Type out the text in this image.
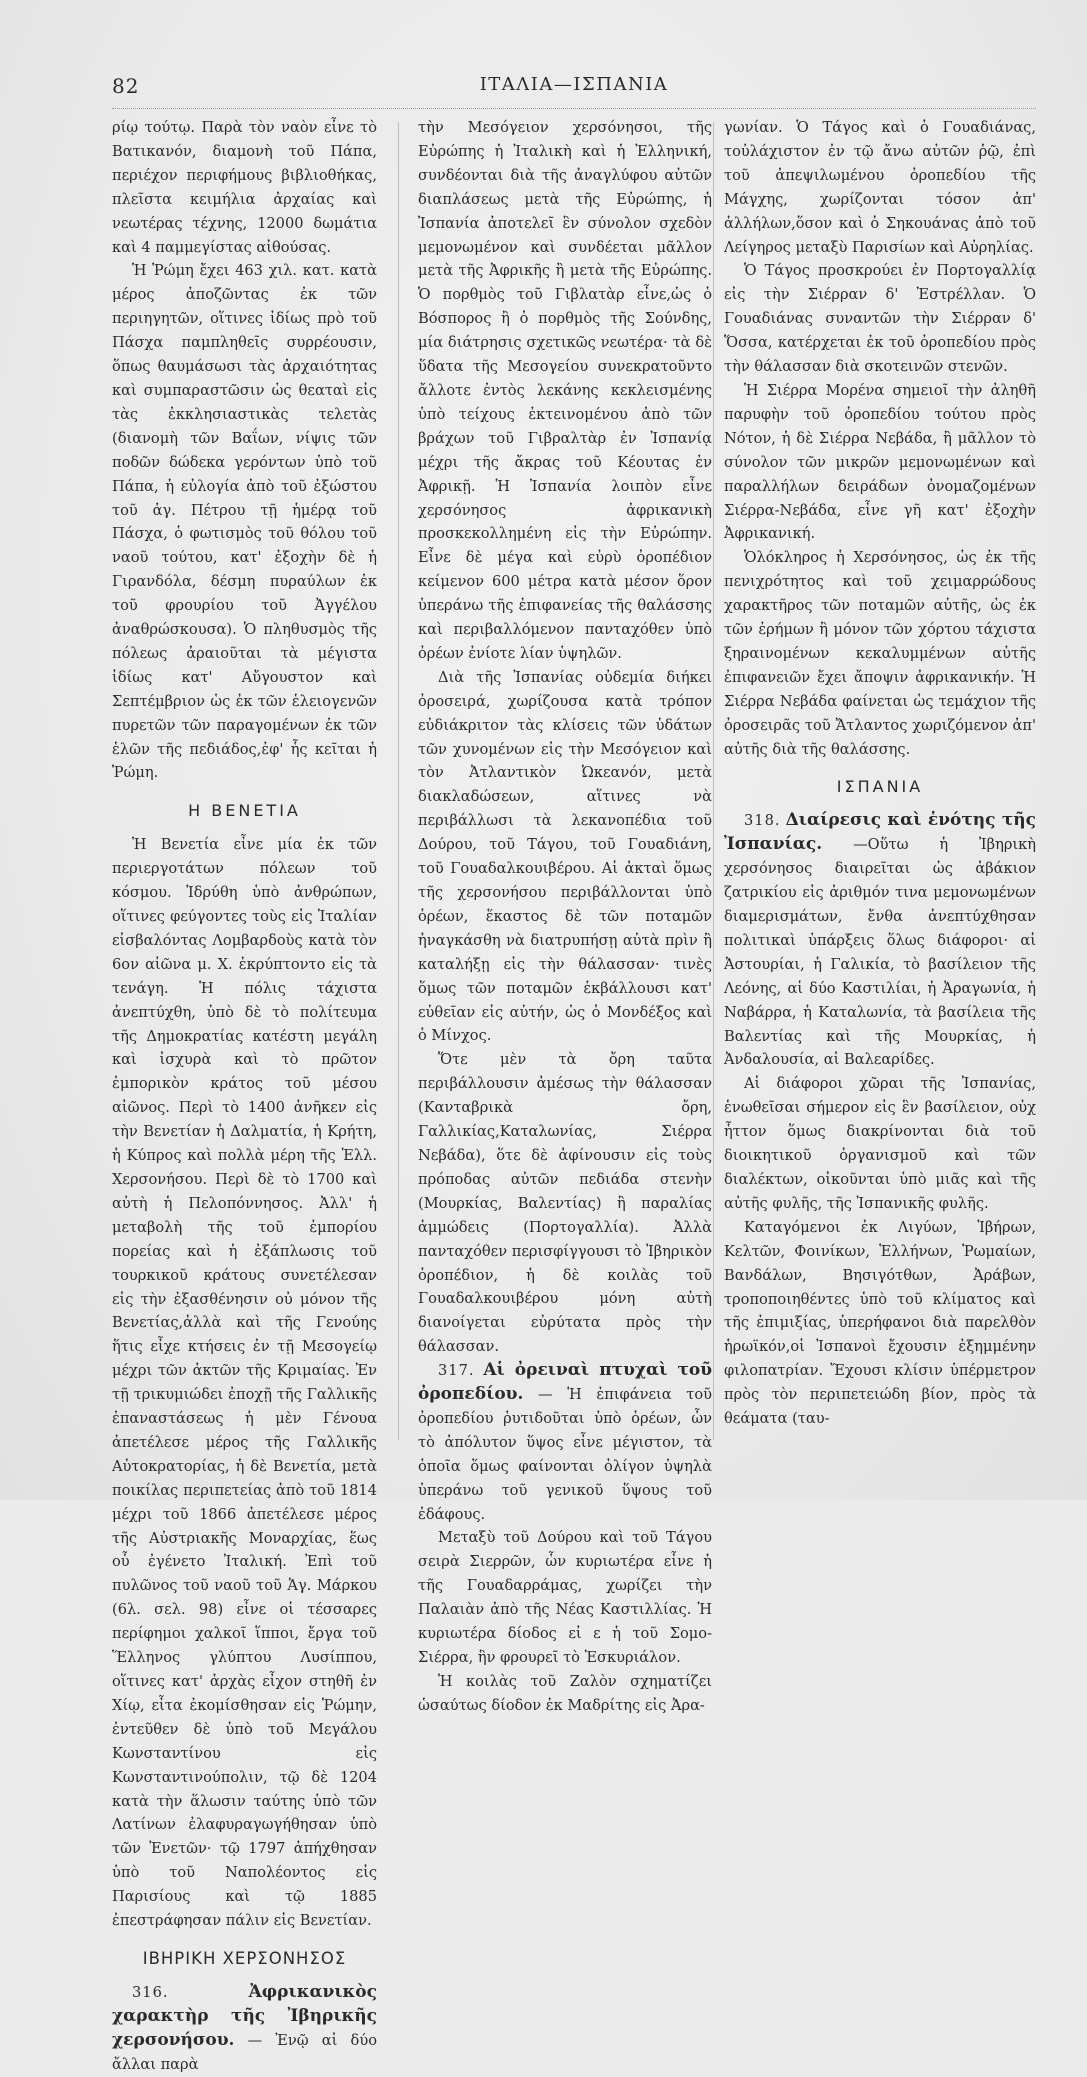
82	ΙΤΑΛΙΑ—ΙΣΠΑΝΙΑ

ρίῳ τούτῳ. Παρὰ τὸν ναὸν εἶνε τὸ Βατικανόν, διαμονὴ τοῦ Πάπα, περιέχον περιφήμους βιβλιοθήκας, πλεῖστα κειμήλια ἀρχαίας καὶ νεωτέρας τέχνης, 12000 δωμάτια καὶ 4 παμμεγίστας αἰθούσας.

Ἡ Ῥώμη ἔχει 463 χιλ. κατ. κατὰ μέρος ἀποζῶντας ἐκ τῶν περιηγητῶν, οἵτινες ἰδίως πρὸ τοῦ Πάσχα παμπληθεῖς συρρέουσιν, ὅπως θαυμάσωσι τὰς ἀρχαιότητας καὶ συμπαραστῶσιν ὡς θεαταὶ εἰς τὰς ἐκκλησιαστικὰς τελετὰς (διανομὴ τῶν Βαΐων, νίψις τῶν ποδῶν δώδεκα γερόντων ὑπὸ τοῦ Πάπα, ἡ εὐλογία ἀπὸ τοῦ ἐξώστου τοῦ ἁγ. Πέτρου τῇ ἡμέρᾳ τοῦ Πάσχα, ὁ φωτισμὸς τοῦ θόλου τοῦ ναοῦ τούτου, κατ' ἐξοχὴν δὲ ἡ Γιρανδόλα, δέσμη πυραύλων ἐκ τοῦ φρουρίου τοῦ Ἀγγέλου ἀναθρώσκουσα). Ὁ πληθυσμὸς τῆς πόλεως ἀραιοῦται τὰ μέγιστα ἰδίως κατ' Αὔγουστον καὶ Σεπτέμβριον ὡς ἐκ τῶν ἑλειογενῶν πυρετῶν τῶν παραγομένων ἐκ τῶν ἑλῶν τῆς πεδιάδος,ἐφ' ἧς κεῖται ἡ Ῥώμη.

Η ΒΕΝΕΤΙΑ

Ἡ Βενετία εἶνε μία ἐκ τῶν περιεργοτάτων πόλεων τοῦ κόσμου. Ἱδρύθη ὑπὸ ἀνθρώπων, οἵτινες φεύγοντες τοὺς εἰς Ἰταλίαν εἰσβαλόντας Λομβαρδοὺς κατὰ τὸν 6ον αἰῶνα μ. Χ. ἐκρύπτοντο εἰς τὰ τενάγη. Ἡ πόλις τάχιστα ἀνεπτύχθη, ὑπὸ δὲ τὸ πολίτευμα τῆς Δημοκρατίας κατέστη μεγάλη καὶ ἰσχυρὰ καὶ τὸ πρῶτον ἐμπορικὸν κράτος τοῦ μέσου αἰῶνος. Περὶ τὸ 1400 ἀνῆκεν εἰς τὴν Βενετίαν ἡ Δαλματία, ἡ Κρήτη, ἡ Κύπρος καὶ πολλὰ μέρη τῆς Ἑλλ. Χερσονήσου. Περὶ δὲ τὸ 1700 καὶ αὐτὴ ἡ Πελοπόννησος. Ἀλλ' ἡ μεταβολὴ τῆς τοῦ ἐμπορίου πορείας καὶ ἡ ἐξάπλωσις τοῦ τουρκικοῦ κράτους συνετέλεσαν εἰς τὴν ἐξασθένησιν οὐ μόνον τῆς Βενετίας,ἀλλὰ καὶ τῆς Γενούης ἥτις εἶχε κτήσεις ἐν τῇ Μεσογείῳ μέχρι τῶν ἀκτῶν τῆς Κριμαίας. Ἐν τῇ τρικυμιώδει ἐποχῇ τῆς Γαλλικῆς ἐπαναστάσεως ἡ μὲν Γένουα ἀπετέλεσε μέρος τῆς Γαλλικῆς Αὐτοκρατορίας, ἡ δὲ Βενετία, μετὰ ποικίλας περιπετείας ἀπὸ τοῦ 1814 μέχρι τοῦ 1866 ἀπετέλεσε μέρος τῆς Αὐστριακῆς Μοναρχίας, ἕως οὗ ἐγένετο Ἰταλική. Ἐπὶ τοῦ πυλῶνος τοῦ ναοῦ τοῦ Ἁγ. Μάρκου (6λ. σελ. 98) εἶνε οἱ τέσσαρες περίφημοι χαλκοῖ ἵπποι, ἔργα τοῦ Ἕλληνος γλύπτου Λυσίππου, οἵτινες κατ' ἀρχὰς εἶχον στηθῆ ἐν Χίῳ, εἶτα ἐκομίσθησαν εἰς Ῥώμην, ἐντεῦθεν δὲ ὑπὸ τοῦ Μεγάλου Κωνσταντίνου εἰς Κωνσταντινούπολιν, τῷ δὲ 1204 κατὰ τὴν ἅλωσιν ταύτης ὑπὸ τῶν Λατίνων ἐλαφυραγωγήθησαν ὑπὸ τῶν Ἐνετῶν· τῷ 1797 ἀπήχθησαν ὑπὸ τοῦ Ναπολέοντος εἰς Παρισίους καὶ τῷ 1885 ἐπεστράφησαν πάλιν εἰς Βενετίαν.

ΙΒΗΡΙΚΗ ΧΕΡΣΟΝΗΣΟΣ

316.	Ἀφρικανικὸς χαρακτὴρ τῆς Ἰβηρικῆς χερσονήσου. — Ἐνῷ αἱ δύο ἄλλαι παρὰ

τὴν Μεσόγειον χερσόνησοι, τῆς Εὐρώπης ἡ Ἰταλικὴ καὶ ἡ Ἑλληνική, συνδέονται διὰ τῆς ἀναγλύφου αὐτῶν διαπλάσεως μετὰ τῆς Εὐρώπης, ἡ Ἰσπανία ἀποτελεῖ ἓν σύνολον σχεδὸν μεμονωμένον καὶ συνδέεται μᾶλλον μετὰ τῆς Ἀφρικῆς ἢ μετὰ τῆς Εὐρώπης. Ὁ πορθμὸς τοῦ Γιβλατὰρ εἶνε,ὡς ὁ Βόσπορος ἢ ὁ πορθμὸς τῆς Σούνδης, μία διάτρησις σχετικῶς νεωτέρα· τὰ δὲ ὕδατα τῆς Μεσογείου συνεκρατοῦντο ἄλλοτε ἐντὸς λεκάνης κεκλεισμένης ὑπὸ τείχους ἐκτεινομένου ἀπὸ τῶν βράχων τοῦ Γιβραλτὰρ ἐν Ἰσπανίᾳ μέχρι τῆς ἄκρας τοῦ Κέουτας ἐν Ἀφρικῇ. Ἡ Ἰσπανία λοιπὸν εἶνε χερσόνησος ἀφρικανικὴ προσκεκολλημένη εἰς τὴν Εὐρώπην. Εἶνε δὲ μέγα καὶ εὐρὺ ὀροπέδιον κείμενον 600 μέτρα κατὰ μέσον ὅρον ὑπεράνω τῆς ἐπιφανείας τῆς θαλάσσης καὶ περιβαλλόμενον πανταχόθεν ὑπὸ ὀρέων ἐνίοτε λίαν ὑψηλῶν.

Διὰ τῆς Ἰσπανίας οὐδεμία διήκει ὀροσειρά, χωρίζουσα κατὰ τρόπον εὐδιάκριτον τὰς κλίσεις τῶν ὑδάτων τῶν χυνομένων εἰς τὴν Μεσόγειον καὶ τὸν Ἀτλαντικὸν Ὠκεανόν, μετὰ διακλαδώσεων, αἵτινες νὰ περιβάλλωσι τὰ λεκανοπέδια τοῦ Δούρου, τοῦ Τάγου, τοῦ Γουαδιάνη, τοῦ Γουαδαλκουιβέρου. Αἱ ἀκταὶ ὅμως τῆς χερσονήσου περιβάλλονται ὑπὸ ὀρέων, ἕκαστος δὲ τῶν ποταμῶν ἠναγκάσθη νὰ διατρυπήσῃ αὐτὰ πρὶν ἢ καταλήξῃ εἰς τὴν θάλασσαν· τινὲς ὅμως τῶν ποταμῶν ἐκβάλλουσι κατ' εὐθεῖαν εἰς αὐτήν, ὡς ὁ Μονδέξος καὶ ὁ Μίνχος.

Ὅτε μὲν τὰ ὄρη ταῦτα περιβάλλουσιν ἀμέσως τὴν θάλασσαν (Κανταβρικὰ ὄρη, Γαλλικίας,Καταλωνίας, Σιέρρα Νεβάδα), ὅτε δὲ ἀφίνουσιν εἰς τοὺς πρόποδας αὐτῶν πεδιάδα στενὴν (Μουρκίας, Βαλεντίας) ἢ παραλίας ἀμμώδεις (Πορτογαλλία). Ἀλλὰ πανταχόθεν περισφίγγουσι τὸ Ἰβηρικὸν ὀροπέδιον, ἡ δὲ κοιλὰς τοῦ Γουαδαλκουιβέρου μόνη αὐτὴ διανοίγεται εὐρύτατα πρὸς τὴν θάλασσαν.

317. Αἱ ὀρειναὶ πτυχαὶ τοῦ ὀροπεδίου. — Ἡ ἐπιφάνεια τοῦ ὀροπεδίου ῥυτιδοῦται ὑπὸ ὀρέων, ὧν τὸ ἀπόλυτον ὕψος εἶνε μέγιστον, τὰ ὁποῖα ὅμως φαίνονται ὀλίγον ὑψηλὰ ὑπεράνω τοῦ γενικοῦ ὕψους τοῦ ἐδάφους.

Μεταξὺ τοῦ Δούρου καὶ τοῦ Τάγου σειρὰ Σιερρῶν, ὧν κυριωτέρα εἶνε ἡ τῆς Γουαδαρράμας, χωρίζει τὴν Παλαιὰν ἀπὸ τῆς Νέας Καστιλλίας. Ἡ κυριωτέρα δίοδος εἰ ε ἡ τοῦ Σομο-Σιέρρα, ἣν φρουρεῖ τὸ Ἐσκυριάλον.

Ἡ κοιλὰς τοῦ Ζαλὸν σχηματίζει ὡσαύτως δίοδον ἐκ Μαδρίτης εἰς Ἀρα-

γωνίαν. Ὁ Τάγος καὶ ὁ Γουαδιάνας, τοὐλάχιστον ἐν τῷ ἄνω αὐτῶν ῥῷ, ἐπὶ τοῦ ἀπεψιλωμένου ὀροπεδίου τῆς Μάγχης, χωρίζονται τόσον ἀπ' ἀλλήλων,ὅσον καὶ ὁ Σηκουάνας ἀπὸ τοῦ Λείγηρος μεταξὺ Παρισίων καὶ Αὐρηλίας.

Ὁ Τάγος προσκρούει ἐν Πορτογαλλίᾳ εἰς τὴν Σιέρραν δ' Ἐστρέλλαν. Ὁ Γουαδιάνας συναντῶν τὴν Σιέρραν δ' Ὅσσα, κατέρχεται ἐκ τοῦ ὀροπεδίου πρὸς τὴν θάλασσαν διὰ σκοτεινῶν στενῶν.

Ἡ Σιέρρα Μορένα σημειοῖ τὴν ἀληθῆ παρυφὴν τοῦ ὀροπεδίου τούτου πρὸς Νότον, ἡ δὲ Σιέρρα Νεβάδα, ἢ μᾶλλον τὸ σύνολον τῶν μικρῶν μεμονωμένων καὶ παραλλήλων δειράδων ὀνομαζομένων Σιέρρα-Νεβάδα, εἶνε γῆ κατ' ἐξοχὴν Ἀφρικανική.

Ὁλόκληρος ἡ Χερσόνησος, ὡς ἐκ τῆς πενιχρότητος καὶ τοῦ χειμαρρώδους χαρακτῆρος τῶν ποταμῶν αὐτῆς, ὡς ἐκ τῶν ἐρήμων ἢ μόνον τῶν χόρτου τάχιστα ξηραινομένων κεκαλυμμένων αὐτῆς ἐπιφανειῶν ἔχει ἄποψιν ἀφρικανικήν. Ἡ Σιέρρα Νεβάδα φαίνεται ὡς τεμάχιον τῆς ὀροσειρᾶς τοῦ Ἄτλαντος χωριζόμενον ἀπ' αὐτῆς διὰ τῆς θαλάσσης.

ΙΣΠΑΝΙΑ

318. Διαίρεσις καὶ ἑνότης τῆς Ἰσπανίας. —Οὕτω ἡ Ἰβηρικὴ χερσόνησος διαιρεῖται ὡς ἀβάκιον ζατρικίου εἰς ἀριθμόν τινα μεμονωμένων διαμερισμάτων, ἔνθα ἀνεπτύχθησαν πολιτικαὶ ὑπάρξεις ὅλως διάφοροι· αἱ Ἀστουρίαι, ἡ Γαλικία, τὸ βασίλειον τῆς Λεόνης, αἱ δύο Καστιλίαι, ἡ Ἀραγωνία, ἡ Ναβάρρα, ἡ Καταλωνία, τὰ βασίλεια τῆς Βαλεντίας καὶ τῆς Μουρκίας, ἡ Ἀνδαλουσία, αἱ Βαλεαρίδες.

Αἱ διάφοροι χῶραι τῆς Ἰσπανίας, ἑνωθεῖσαι σήμερον εἰς ἓν βασίλειον, οὐχ ἧττον ὅμως διακρίνονται διὰ τοῦ διοικητικοῦ ὀργανισμοῦ καὶ τῶν διαλέκτων, οἰκοῦνται ὑπὸ μιᾶς καὶ τῆς αὐτῆς φυλῆς, τῆς Ἰσπανικῆς φυλῆς.

Καταγόμενοι ἐκ Λιγύων, Ἰβήρων, Κελτῶν, Φοινίκων, Ἑλλήνων, Ῥωμαίων, Βανδάλων, Βησιγότθων, Ἀράβων, τροποποιηθέντες ὑπὸ τοῦ κλίματος καὶ τῆς ἐπιμιξίας, ὑπερήφανοι διὰ παρελθὸν ἡρωϊκόν,οἱ Ἰσπανοὶ ἔχουσιν ἐξημμένην φιλοπατρίαν. Ἔχουσι κλίσιν ὑπέρμετρον πρὸς τὸν περιπετειώδη βίον, πρὸς τὰ θεάματα (ταυ-
